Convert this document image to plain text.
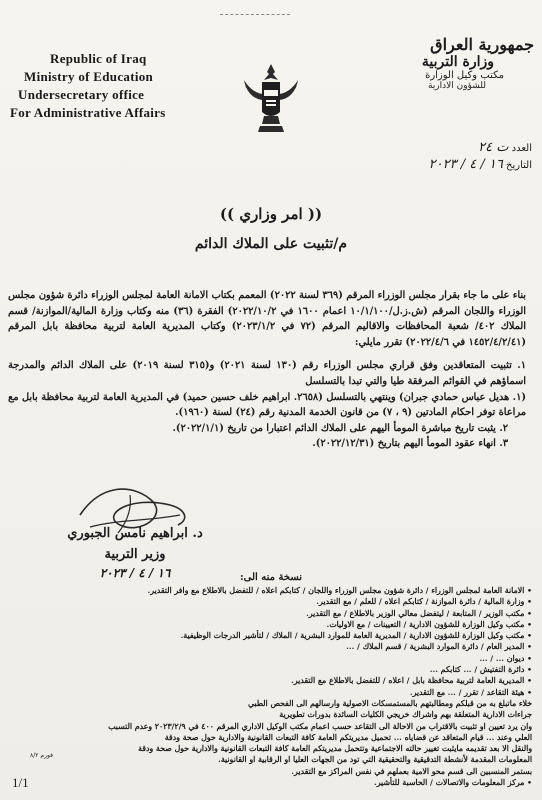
Republic of Iraq
Ministry of Education
Undersecretary office
For Administrative Affairs
جمهورية العراق
وزارة التربية
مكتب وكيل الوزارة
للشؤون الادارية
العدد ت ٢٤
التاريخ ١٦ / ٤ / ٢٠٢٣
(( امر وزاري ))
م/تثبيت على الملاك الدائم

بناء على ما جاء بقرار مجلس الوزراء المرقم (٣٦٩ لسنة ٢٠٢٢) المعمم بكتاب الامانة العامة لمجلس الوزراء دائرة شؤون مجلس الوزراء واللجان المرقم (ش.ز.ل/١٠/١/١٠٠ اعمام ١٦٠٠ في ٢٠٢٢/١٠/٢) الفقرة (٣٦) منه وكتاب وزارة المالية/الموازنة/ قسم الملاك ٤٠٢/ شعبة المحافظات والاقاليم المرقم (٧٢ في ٢٠٢٣/١/٢) وكتاب المديرية العامة لتربية محافظة بابل المرقم (١٤٥٢/٤/٢/٤١ في ٢٠٢٢/٤/٦) تقرر مايلي:

١. تثبيت المتعاقدين وفق قراري مجلس الوزراء رقم (١٣٠ لسنة ٢٠٢١) و(٣١٥ لسنة ٢٠١٩) على الملاك الدائم والمدرجة اسماؤهم في القوائم المرفقة طيا والتي تبدا بالتسلسل

(١. هديل عباس حمادي جبران) وينتهي بالتسلسل (٢٦٥٨. ابراهيم خلف حسين حميد) في المديرية العامة لتربية محافظة بابل مع مراعاة توفر احكام المادتين (٩ ، ٧) من قانون الخدمة المدنية رقم (٢٤) لسنة (١٩٦٠).

٢. يثبت تاريخ مباشرة المومأ اليهم على الملاك الدائم اعتبارا من تاريخ (٢٠٢٢/١/١).

٣. انهاء عقود المومأ اليهم بتاريخ (٢٠٢٢/١٢/٣١).

د. ابراهيم نامس الجبوري
وزير التربية
١٦ / ٤ / ٢٠٢٣	نسخة منه الى:
• الامانة العامة لمجلس الوزراء / دائرة شؤون مجلس الوزراء واللجان / كتابكم اعلاه / للتفضل بالاطلاع مع وافر التقدير.
• وزارة المالية / دائرة الموازنة / كتابكم اعلاه / للعلم / مع التقدير.
• مكتب الوزير / المتابعة / ليتفضل معالي الوزير بالاطلاع / مع التقدير.
• مكتب وكيل الوزارة للشؤون الادارية / التعيينات / مع الاوليات.
• مكتب وكيل الوزارة للشؤون الادارية / المديرية العامة للموارد البشرية / الملاك / لتأشير الدرجات الوظيفية.
• المدير العام / دائرة الموارد البشرية / قسم الملاك / ...
• ديوان ... / ...
• دائرة التفتيش / ... كتابكم ...
• المديرية العامة لتربية محافظة بابل / اعلاه / للتفضل بالاطلاع مع التقدير.
• هيئة التقاعد / تقرر / ... مع التقدير.
خلاء ماتبلغ به من قبلكم ومطالبتهم بالمستمسكات الاصولية وارسالهم الى الفحص الطبي
جراءات الادارية المتعلقة بهم واشراك خريجي الكليات السائدة بدورات تطويرية
وان يرد تعيين او تثبيت بالاقتراب من الاحالة الى التقاعد حسب اعمام مكتب الوكيل الاداري المرقم ٤٠٠ في ٢٠٢٣/٢/٩ وعدم التسبب
العلي وعند ... قيام المتعاقد عن قضاياه ... تحميل مديريتكم العامة كافة التبعات القانونية والادارية حول صحة ودقة
والنقل الا بعد تقديمه مايثبت تغيير حالته الاجتماعية وتتحمل مديريتكم العامة كافة التبعات القانونية والادارية حول صحة ودقة
المعلومات المقدمة لأنشطة التدقيقية والتحقيقية التي تود من الجهات العليا او الرقابية او القانونية.
بستمر المنسبين الى قسم محو الامية بعملهم في نفس المراكز مع التقدير.
• مركز المعلومات والاتصالات / الحاسبة للتأشير.
فورم ٨/٢
1/1
